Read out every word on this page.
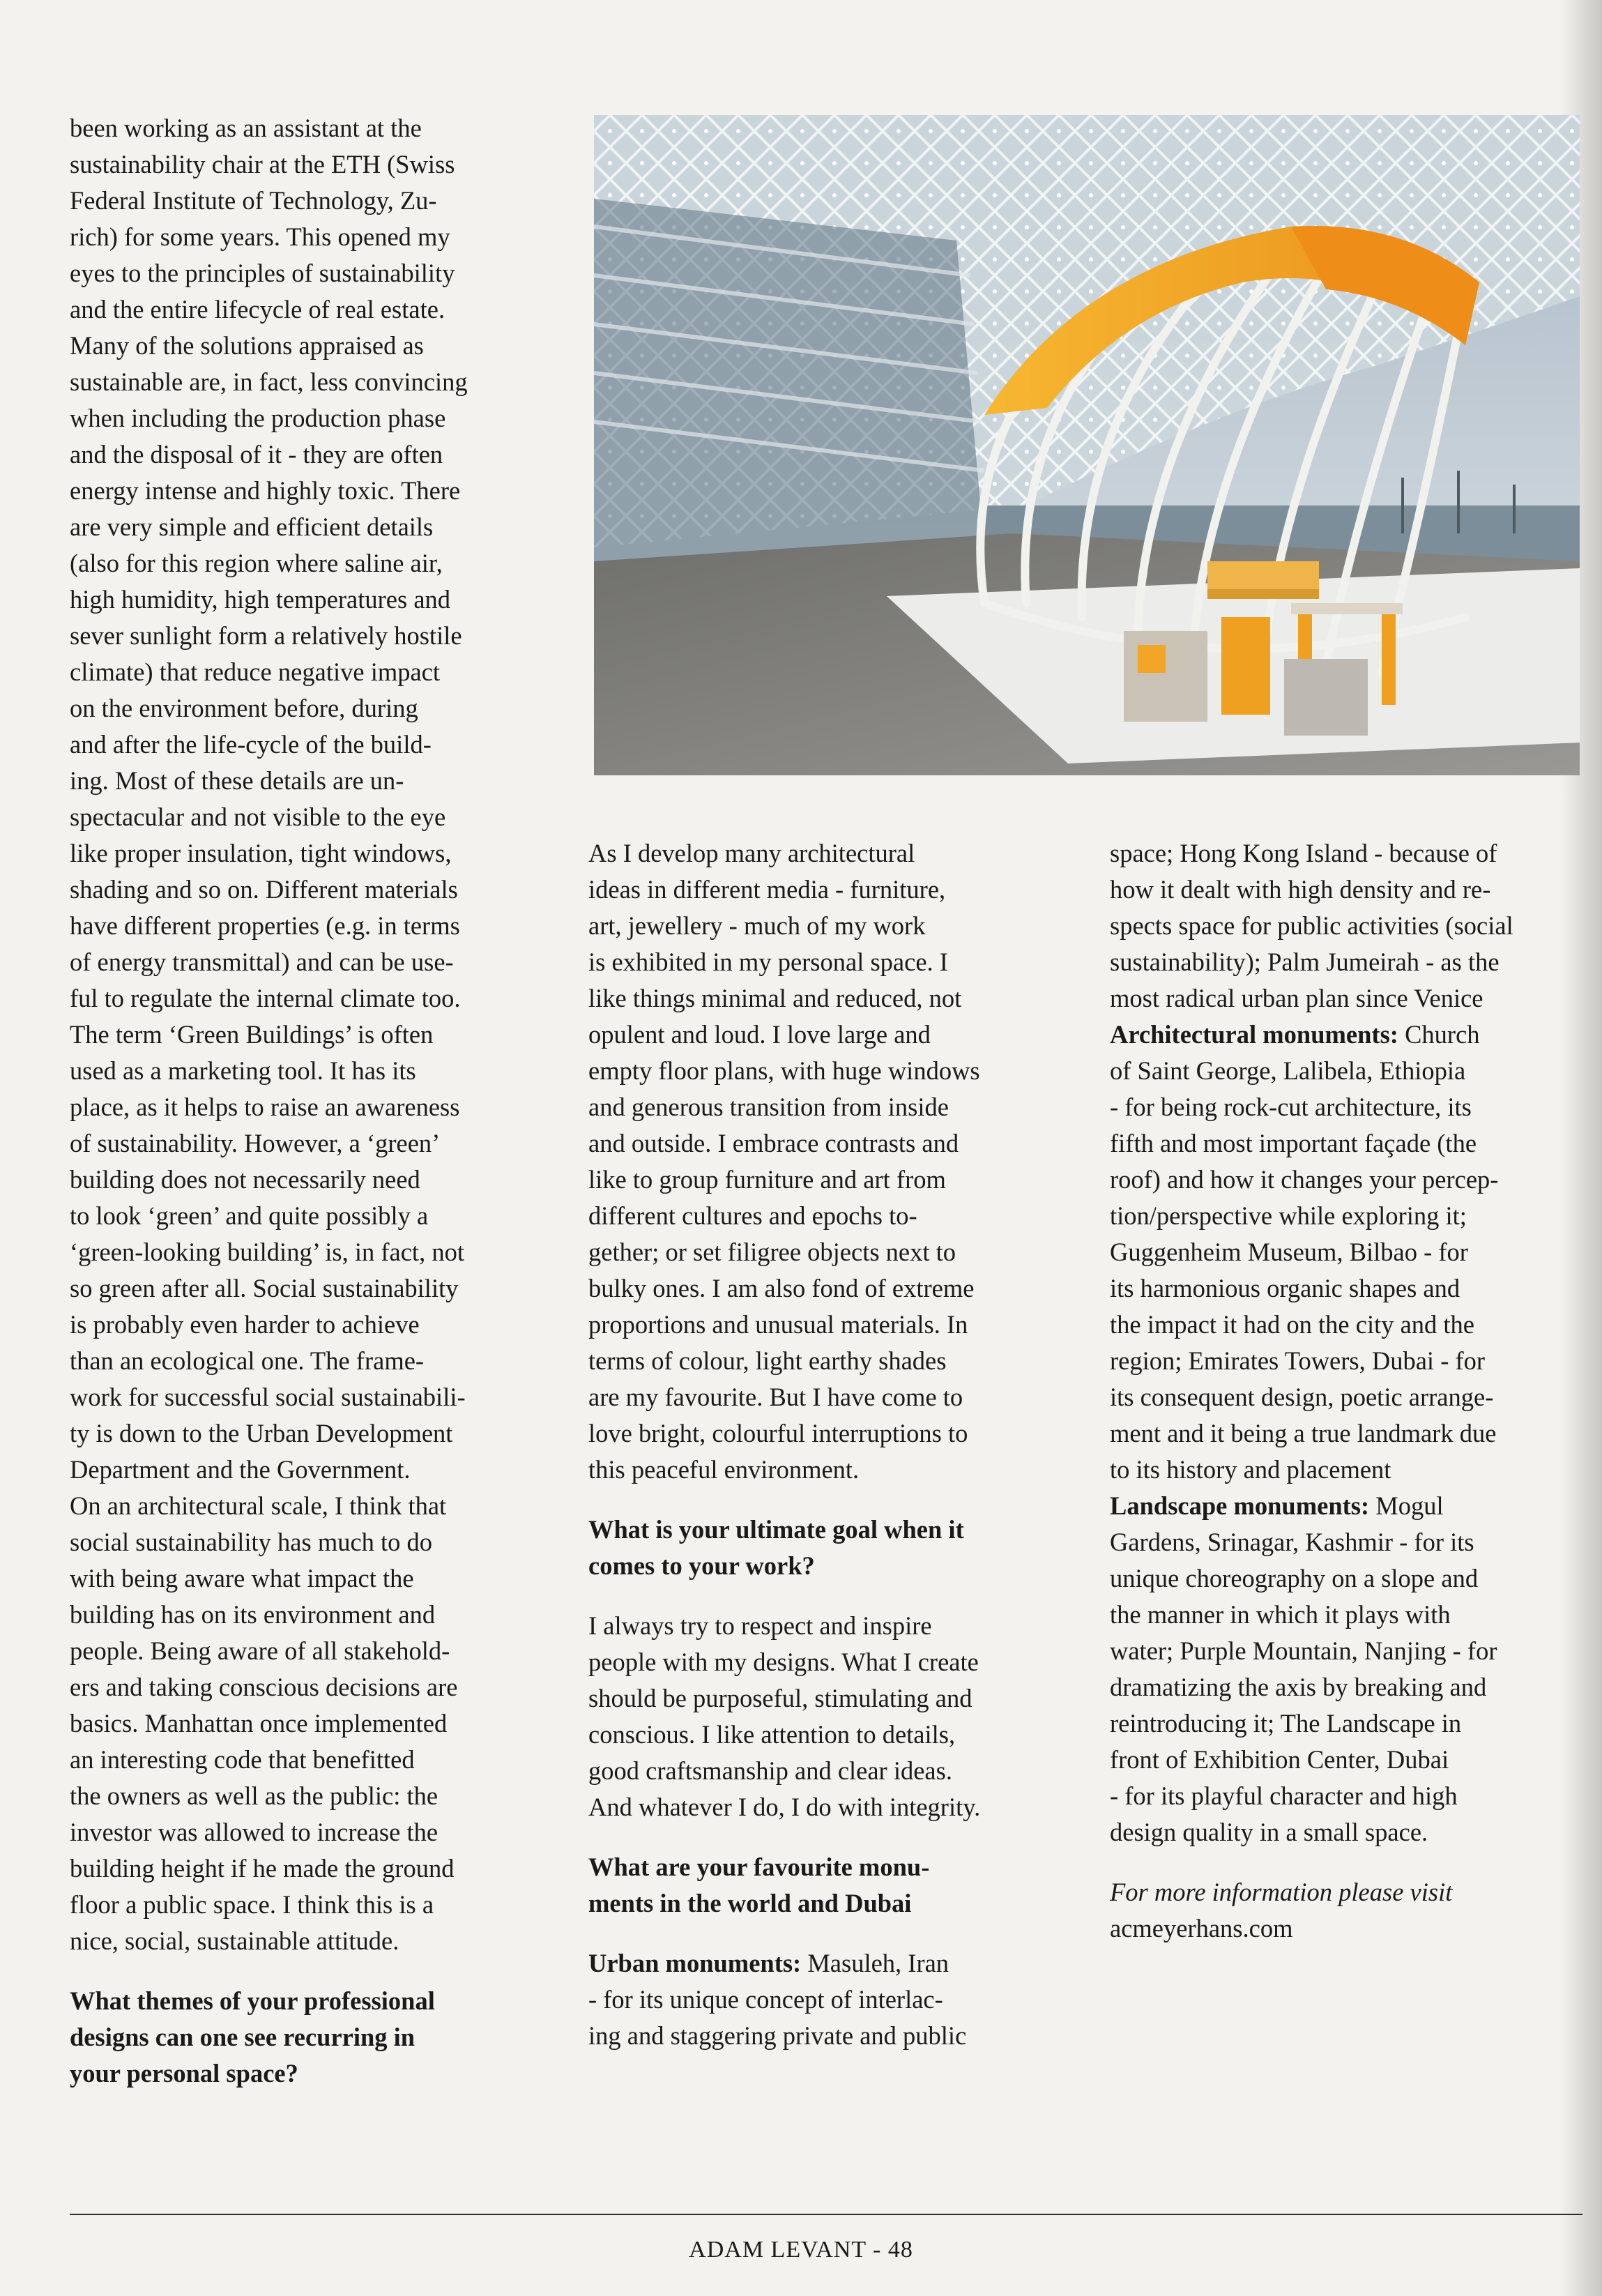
been working as an assistant at the

sustainability chair at the ETH (Swiss

Federal Institute of Technology, Zu-

rich) for some years. This opened my

eyes to the principles of sustainability

and the entire lifecycle of real estate.

Many of the solutions appraised as

sustainable are, in fact, less convincing

when including the production phase

and the disposal of it - they are often

energy intense and highly toxic. There

are very simple and efficient details

(also for this region where saline air,

high humidity, high temperatures and

sever sunlight form a relatively hostile

climate) that reduce negative impact

on the environment before, during

and after the life-cycle of the build-

ing. Most of these details are un-

spectacular and not visible to the eye

like proper insulation, tight windows,

shading and so on. Different materials

have different properties (e.g. in terms

of energy transmittal) and can be use-

ful to regulate the internal climate too.

The term ‘Green Buildings’ is often

used as a marketing tool. It has its

place, as it helps to raise an awareness

of sustainability. However, a ‘green’

building does not necessarily need

to look ‘green’ and quite possibly a

‘green-looking building’ is, in fact, not

so green after all. Social sustainability

is probably even harder to achieve

than an ecological one. The frame-

work for successful social sustainabili-

ty is down to the Urban Development

Department and the Government.

On an architectural scale, I think that

social sustainability has much to do

with being aware what impact the

building has on its environment and

people. Being aware of all stakehold-

ers and taking conscious decisions are

basics. Manhattan once implemented

an interesting code that benefitted

the owners as well as the public: the

investor was allowed to increase the

building height if he made the ground

floor a public space. I think this is a

nice, social, sustainable attitude.

What themes of your professional

designs can one see recurring in

your personal space?

As I develop many architectural

ideas in different media - furniture,

art, jewellery - much of my work

is exhibited in my personal space. I

like things minimal and reduced, not

opulent and loud. I love large and

empty floor plans, with huge windows

and generous transition from inside

and outside. I embrace contrasts and

like to group furniture and art from

different cultures and epochs to-

gether; or set filigree objects next to

bulky ones. I am also fond of extreme

proportions and unusual materials. In

terms of colour, light earthy shades

are my favourite. But I have come to

love bright, colourful interruptions to

this peaceful environment.

What is your ultimate goal when it

comes to your work?

I always try to respect and inspire

people with my designs. What I create

should be purposeful, stimulating and

conscious. I like attention to details,

good craftsmanship and clear ideas.

And whatever I do, I do with integrity.

What are your favourite monu-

ments in the world and Dubai

Urban monuments: Masuleh, Iran

- for its unique concept of interlac-

ing and staggering private and public

space; Hong Kong Island - because of

how it dealt with high density and re-

spects space for public activities (social

sustainability); Palm Jumeirah - as the

most radical urban plan since Venice

Architectural monuments: Church

of Saint George, Lalibela, Ethiopia

- for being rock-cut architecture, its

fifth and most important façade (the

roof) and how it changes your percep-

tion/perspective while exploring it;

Guggenheim Museum, Bilbao - for

its harmonious organic shapes and

the impact it had on the city and the

region; Emirates Towers, Dubai - for

its consequent design, poetic arrange-

ment and it being a true landmark due

to its history and placement

Landscape monuments: Mogul

Gardens, Srinagar, Kashmir - for its

unique choreography on a slope and

the manner in which it plays with

water; Purple Mountain, Nanjing - for

dramatizing the axis by breaking and

reintroducing it; The Landscape in

front of Exhibition Center, Dubai

- for its playful character and high

design quality in a small space.

For more information please visit

acmeyerhans.com

ADAM LEVANT - 48
